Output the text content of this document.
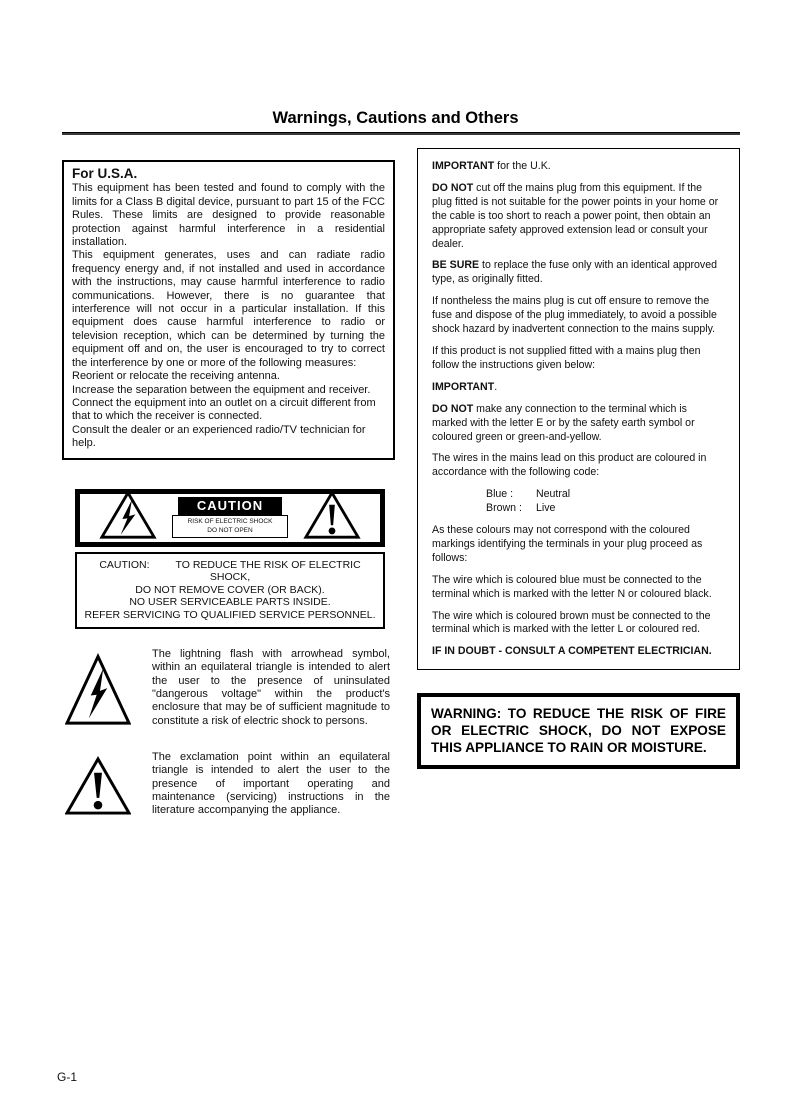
Warnings, Cautions and Others
For U.S.A.

This equipment has been tested and found to comply with the limits for a Class B digital device, pursuant to part 15 of the FCC Rules. These limits are designed to provide reasonable protection against harmful interference in a residential installation.

This equipment generates, uses and can radiate radio frequency energy and, if not installed and used in accordance with the instructions, may cause harmful interference to radio communications. However, there is no guarantee that interference will not occur in a particular installation. If this equipment does cause harmful interference to radio or television reception, which can be determined by turning the equipment off and on, the user is encouraged to try to correct the interference by one or more of the following measures:

Reorient or relocate the receiving antenna.
Increase the separation between the equipment and receiver.
Connect the equipment into an outlet on a circuit different from that to which the receiver is connected.
Consult the dealer or an experienced radio/TV technician for help.
CAUTION
RISK OF ELECTRIC SHOCK
DO NOT OPEN
CAUTION: TO REDUCE THE RISK OF ELECTRIC SHOCK,
DO NOT REMOVE COVER (OR BACK).
NO USER SERVICEABLE PARTS INSIDE.
REFER SERVICING TO QUALIFIED SERVICE PERSONNEL.

The lightning flash with arrowhead symbol, within an equilateral triangle is intended to alert the user to the presence of uninsulated "dangerous voltage" within the product's enclosure that may be of sufficient magnitude to constitute a risk of electric shock to persons.

The exclamation point within an equilateral triangle is intended to alert the user to the presence of important operating and maintenance (servicing) instructions in the literature accompanying the appliance.

IMPORTANT for the U.K.

DO NOT cut off the mains plug from this equipment. If the plug fitted is not suitable for the power points in your home or the cable is too short to reach a power point, then obtain an appropriate safety approved extension lead or consult your dealer.

BE SURE to replace the fuse only with an identical approved type, as originally fitted.

If nontheless the mains plug is cut off ensure to remove the fuse and dispose of the plug immediately, to avoid a possible shock hazard by inadvertent connection to the mains supply.

If this product is not supplied fitted with a mains plug then follow the instructions given below:

IMPORTANT.

DO NOT make any connection to the terminal which is marked with the letter E or by the safety earth symbol or coloured green or green-and-yellow.

The wires in the mains lead on this product are coloured in accordance with the following code:

Blue : Neutral
Brown : Live

As these colours may not correspond with the coloured markings identifying the terminals in your plug proceed as follows:

The wire which is coloured blue must be connected to the terminal which is marked with the letter N or coloured black.

The wire which is coloured brown must be connected to the terminal which is marked with the letter L or coloured red.

IF IN DOUBT - CONSULT A COMPETENT ELECTRICIAN.

WARNING: TO REDUCE THE RISK OF FIRE OR ELECTRIC SHOCK, DO NOT EXPOSE THIS APPLIANCE TO RAIN OR MOISTURE.
G-1
